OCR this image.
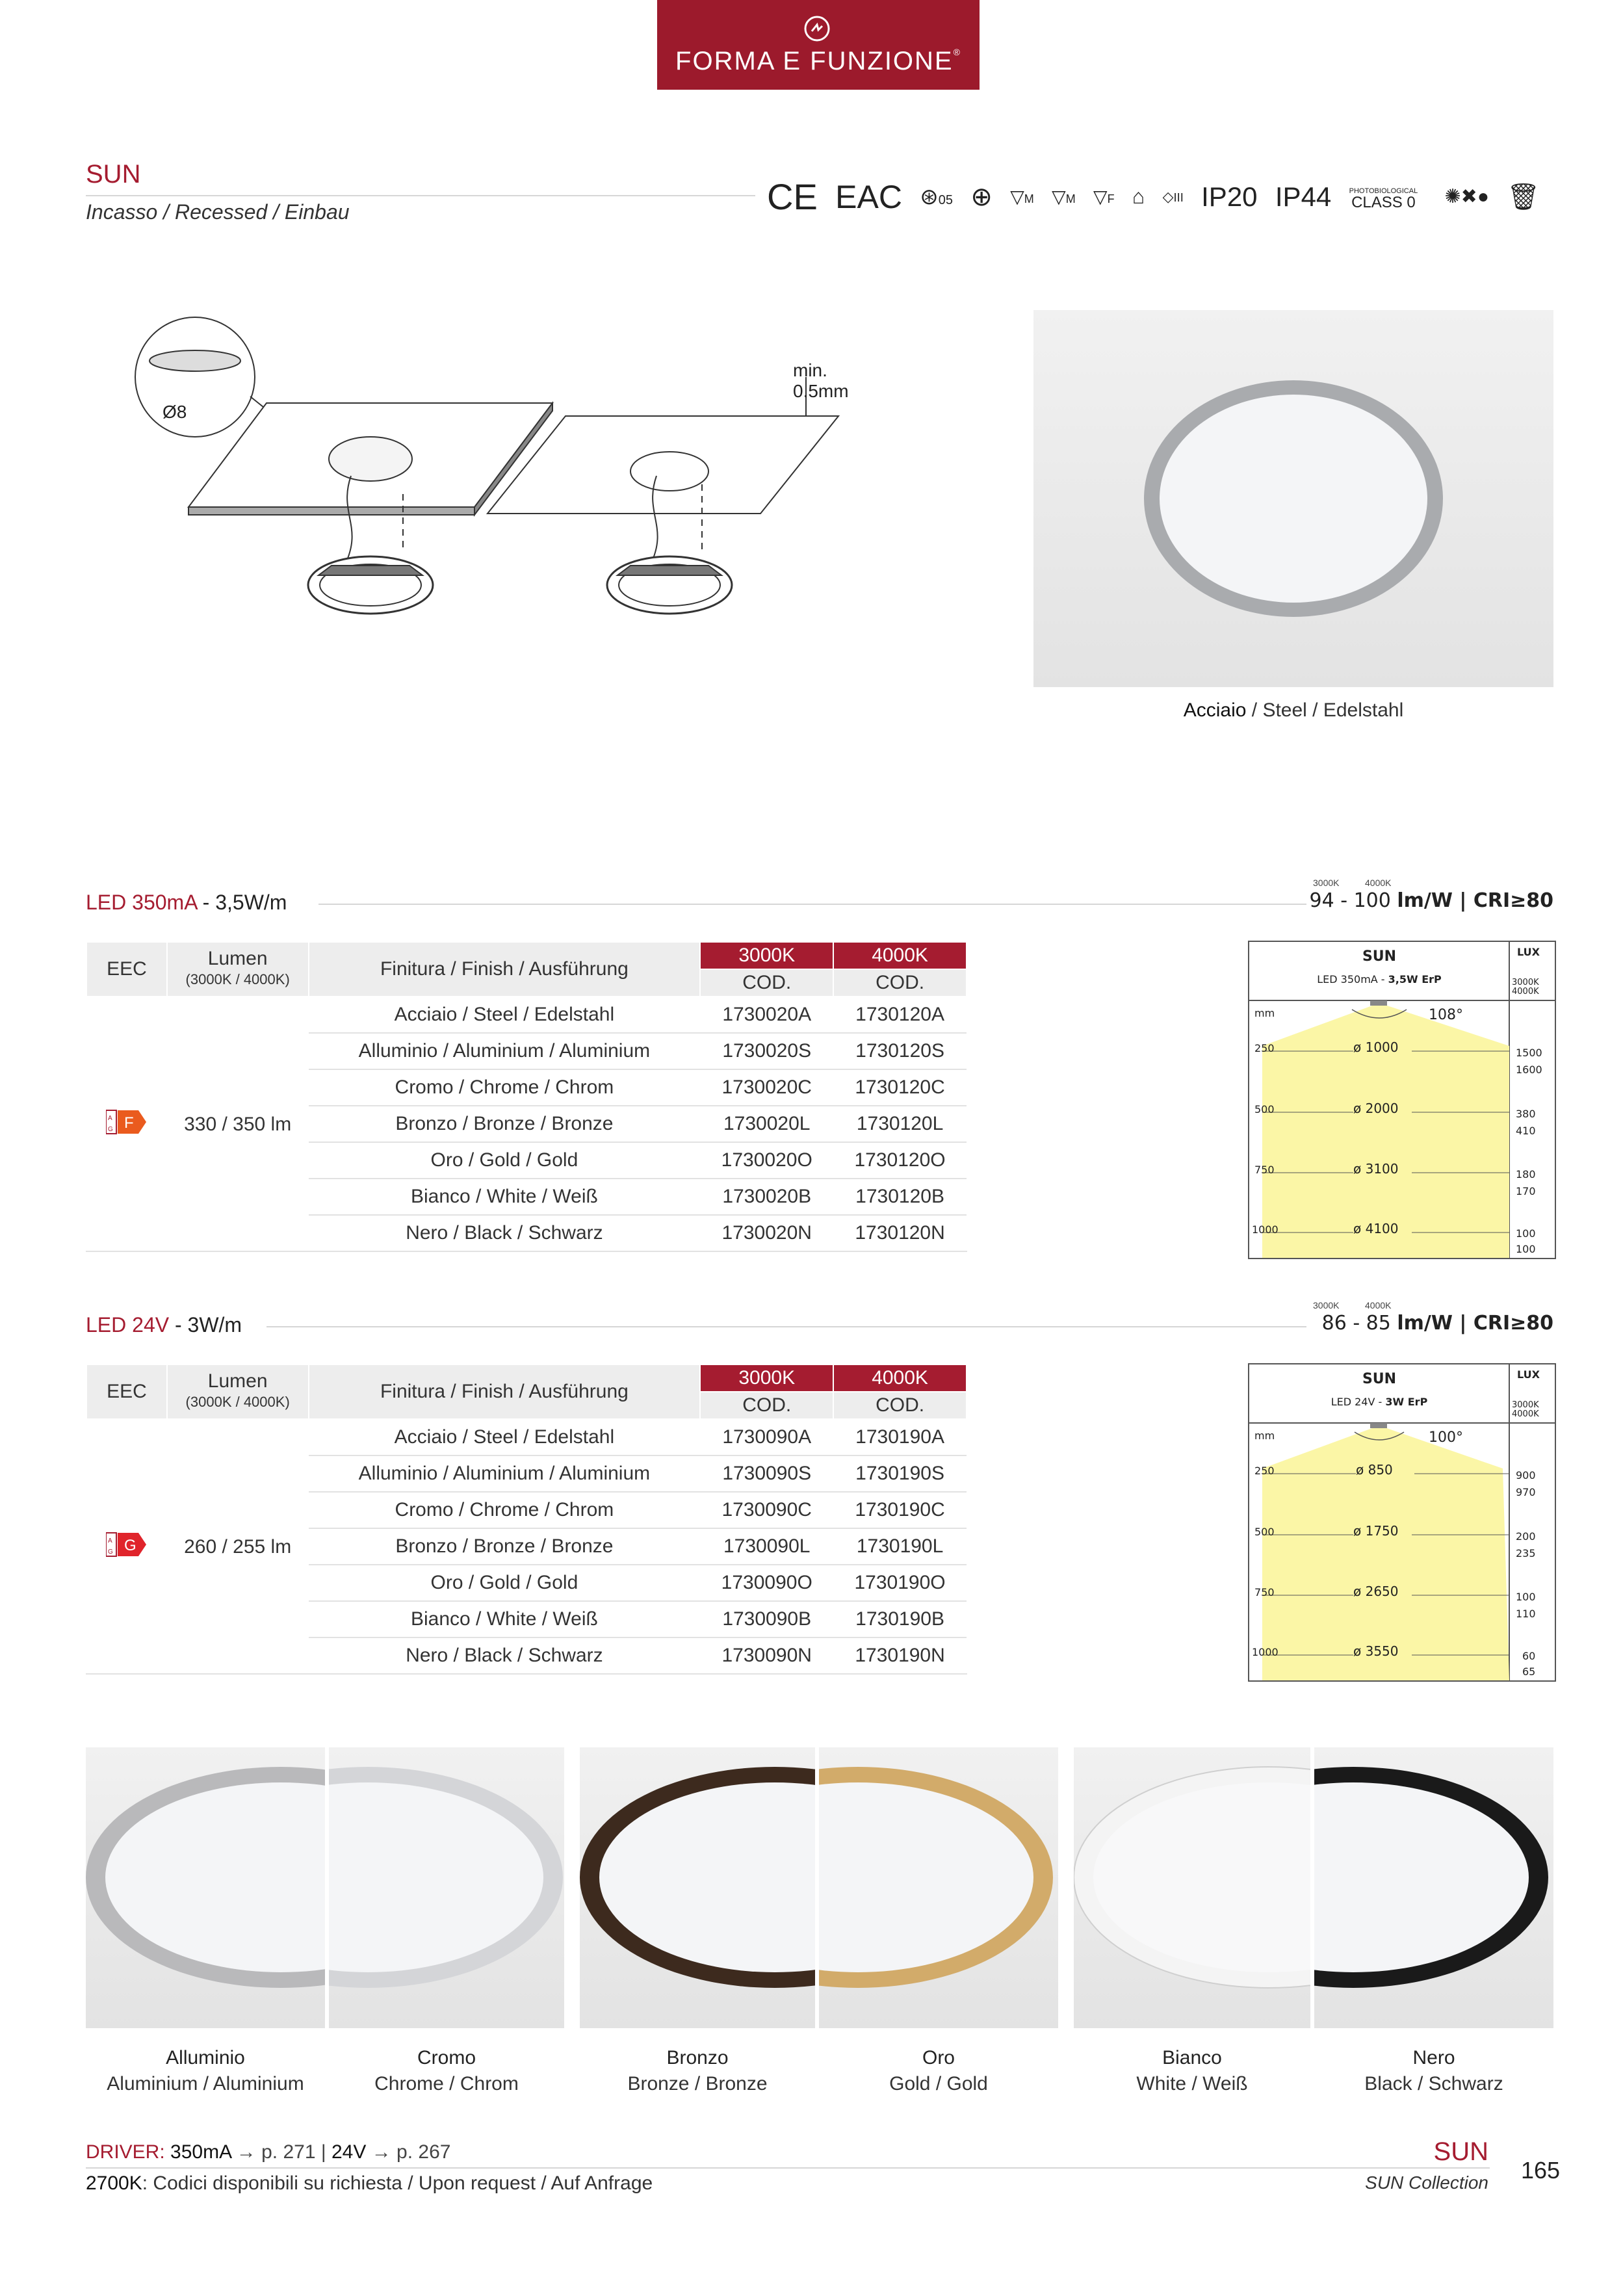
FORMA E FUNZIONE®
SUN
Incasso / Recessed / Einbau	CE EAC ⊛05 ⊕ ▽M ▽M ▽F ⌂ ◇III IP20 IP44 PHOTOBIOLOGICAL
CLASS 0 ✺✖● 🗑
Ø8
min. 0.5mm
Acciaio / Steel / Edelstahl
LED 350mA - 3,5W/m
3000K	4000K
94 - 100 lm/W | CRI≥80
EEC	Lumen
(3000K / 4000K)	Finitura / Finish / Ausführung	3000K	4000K
			COD.	COD.

A
G F	330 / 350 lm	Acciaio / Steel / Edelstahl	1730020A	1730120A
		Alluminio / Aluminium / Aluminium	1730020S	1730120S
		Cromo / Chrome / Chrom	1730020C	1730120C
		Bronzo / Bronze / Bronze	1730020L	1730120L
		Oro / Gold / Gold	1730020O	1730120O
		Bianco / White / Weiß	1730020B	1730120B
		Nero / Black / Schwarz	1730020N	1730120N
SUN
LED 350mA - 3,5W ErP
LUX
3000K
4000K
mm	108°
250	ø 1000	1500
1600
500	ø 2000	380
410
750	ø 3100	180
170
1000	ø 4100	100
100
LED 24V - 3W/m
3000K	4000K
86 - 85 lm/W | CRI≥80
EEC	Lumen
(3000K / 4000K)	Finitura / Finish / Ausführung	3000K	4000K
			COD.	COD.

A
G G	260 / 255 lm	Acciaio / Steel / Edelstahl	1730090A	1730190A
		Alluminio / Aluminium / Aluminium	1730090S	1730190S
		Cromo / Chrome / Chrom	1730090C	1730190C
		Bronzo / Bronze / Bronze	1730090L	1730190L
		Oro / Gold / Gold	1730090O	1730190O
		Bianco / White / Weiß	1730090B	1730190B
		Nero / Black / Schwarz	1730090N	1730190N
SUN
LED 24V - 3W ErP
LUX
3000K
4000K
mm	100°
250	ø 850	900
970
500	ø 1750	200
235
750	ø 2650	100
110
1000	ø 3550	60
65
Alluminio
Aluminium / Aluminium
Cromo
Chrome / Chrom
Bronzo
Bronze / Bronze
Oro
Gold / Gold
Bianco
White / Weiß
Nero
Black / Schwarz
DRIVER: 350mA → p. 271 | 24V → p. 267
2700K: Codici disponibili su richiesta / Upon request / Auf Anfrage
SUN
SUN Collection 165
